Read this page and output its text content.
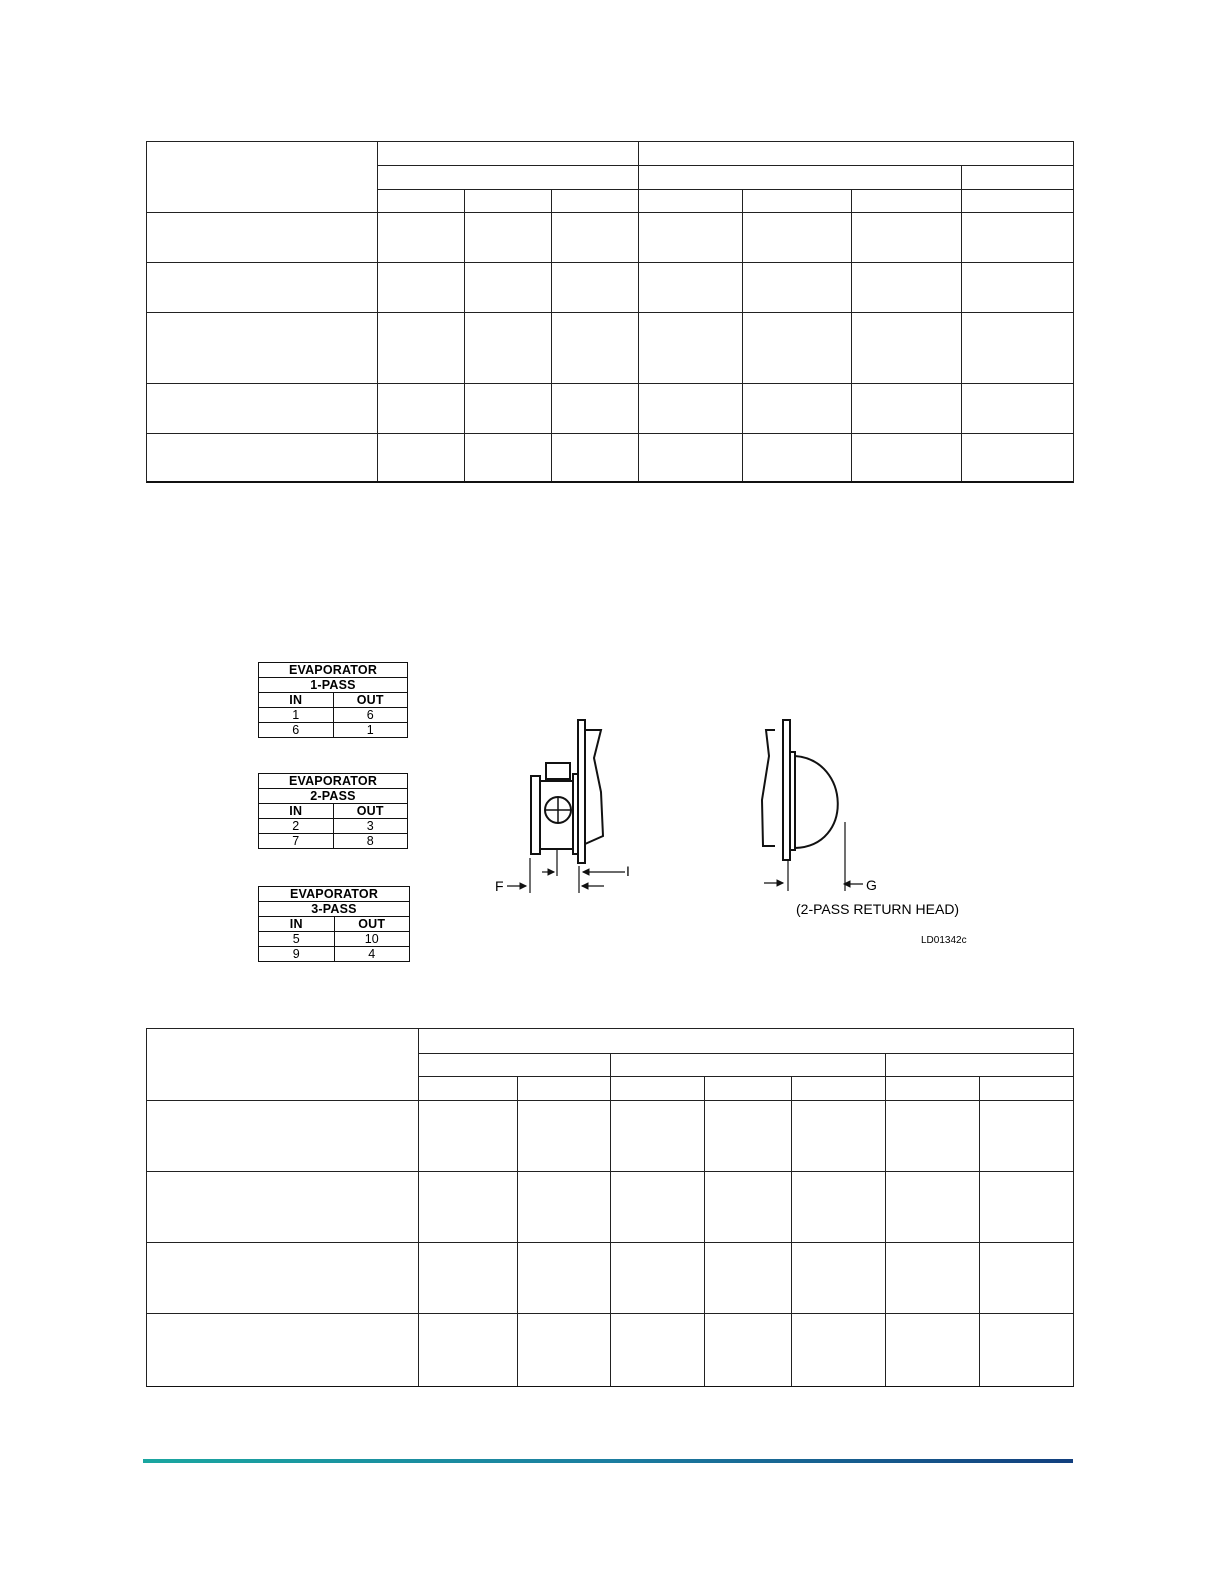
EVAPORATOR	
1-PASS	
IN	OUT
1	6
6	1
EVAPORATOR	
2-PASS	
IN	OUT
2	3
7	8
EVAPORATOR	
3-PASS	
IN	OUT
5	10
9	4
F
I
G
(2-PASS RETURN HEAD)
LD01342c
